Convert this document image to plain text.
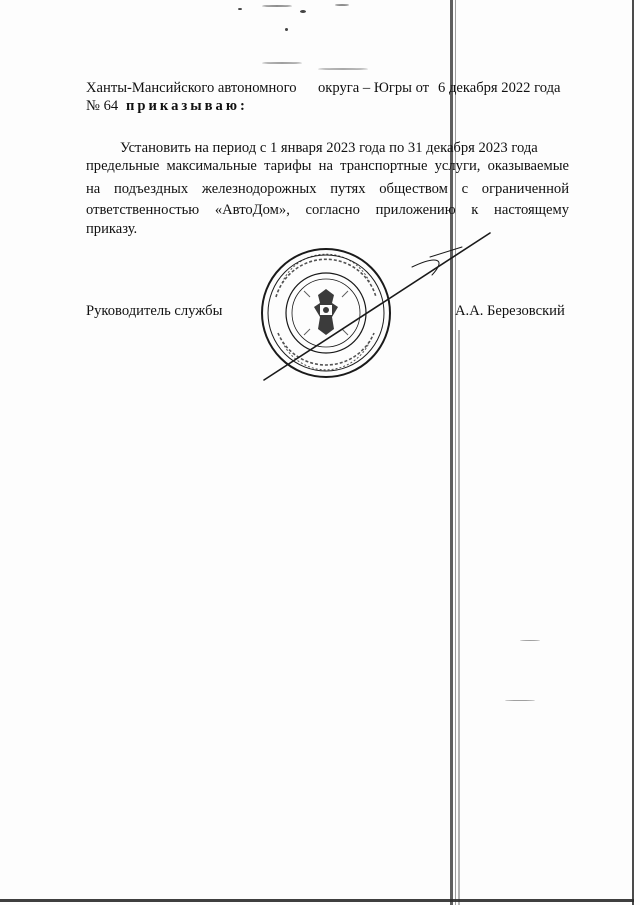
Ханты-Мансийского автономного округа – Югры от 6 декабря 2022 года
№ 64 приказываю:
Установить на период с 1 января 2023 года по 31 декабря 2023 года
предельные максимальные тарифы на транспортные услуги, оказываемые
на подъездных железнодорожных путях обществом с ограниченной
ответственностью «АвтоДом», согласно приложению к настоящему
приказу.
Руководитель службы	А.А. Березовский
